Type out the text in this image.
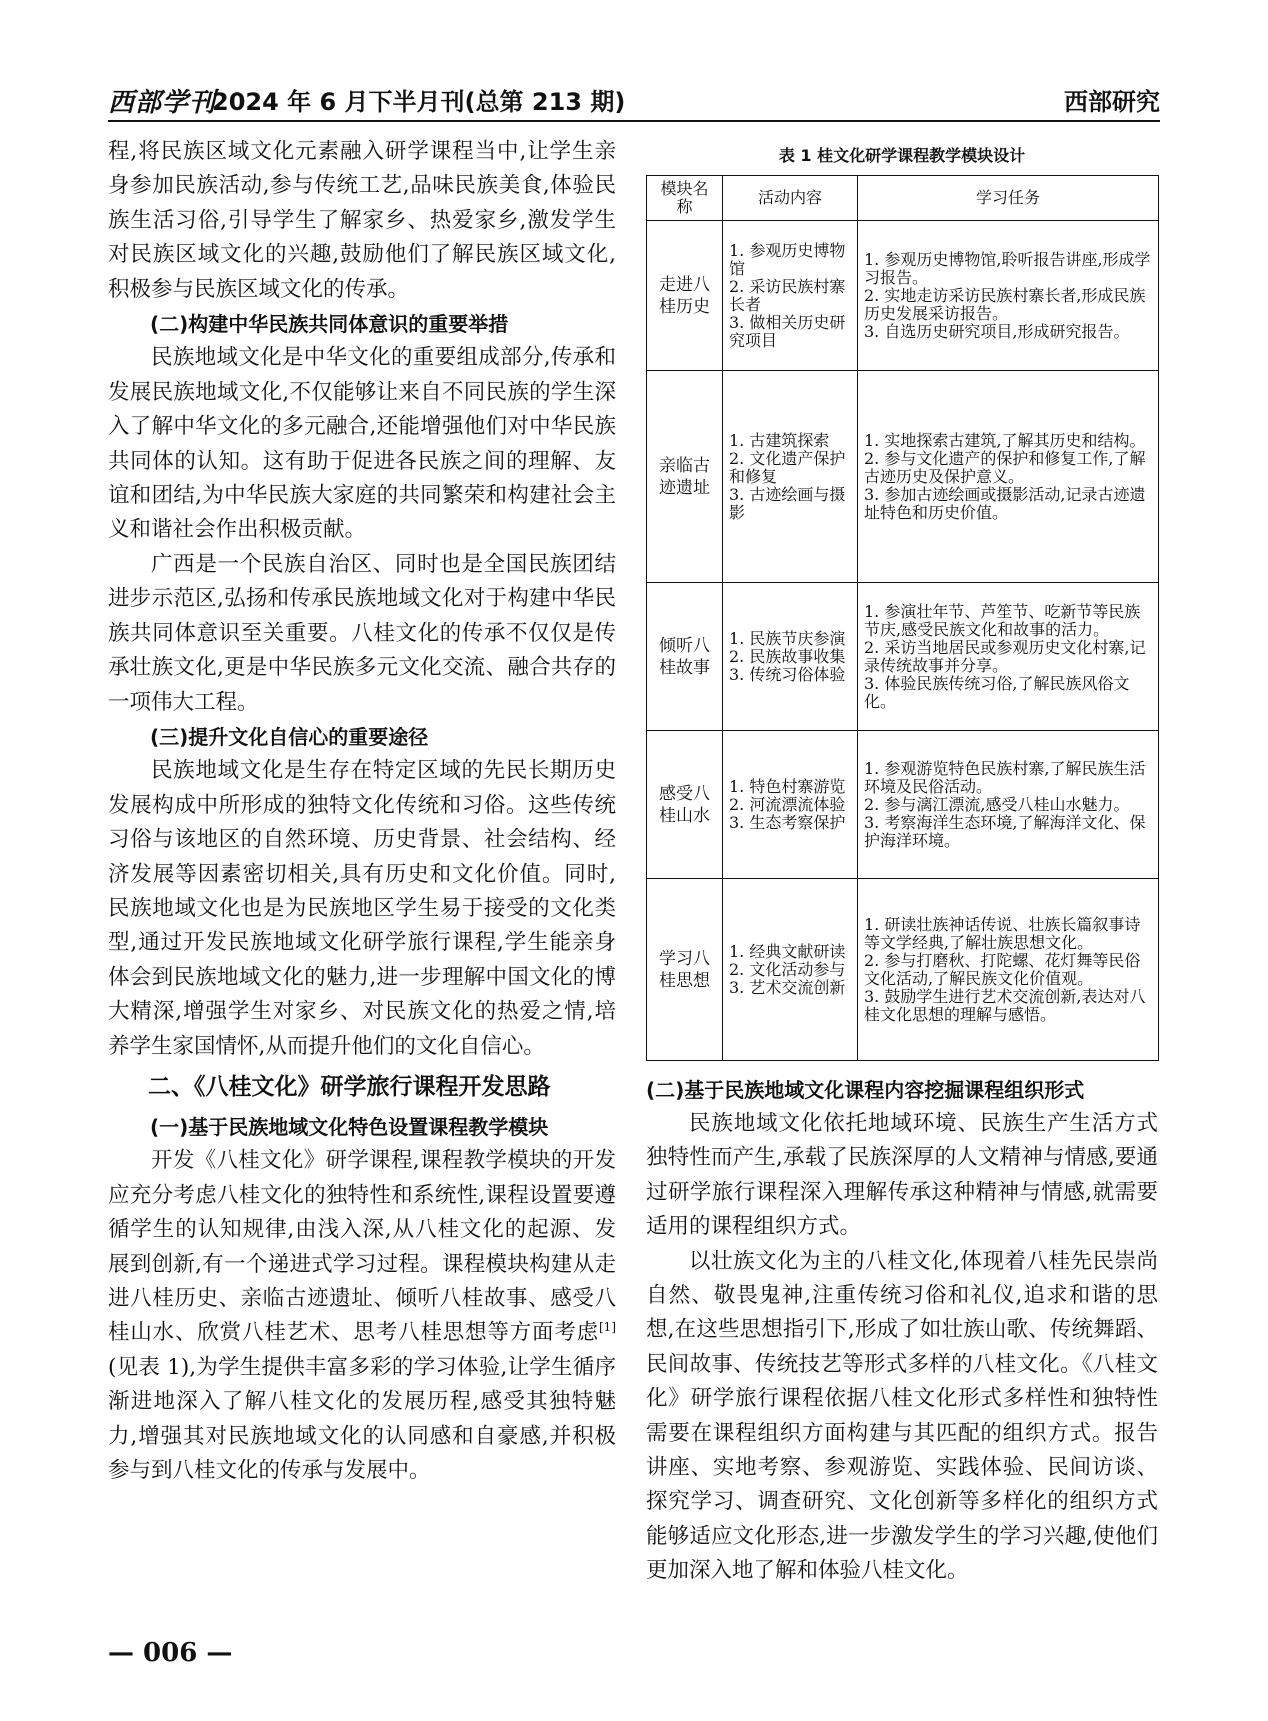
西部学刊
2024 年 6 月下半月刊(总第 213 期)	西部研究

程,将民族区域文化元素融入研学课程当中,让学生亲身参加民族活动,参与传统工艺,品味民族美食,体验民族生活习俗,引导学生了解家乡、热爱家乡,激发学生对民族区域文化的兴趣,鼓励他们了解民族区域文化,积极参与民族区域文化的传承。

(二)构建中华民族共同体意识的重要举措

民族地域文化是中华文化的重要组成部分,传承和发展民族地域文化,不仅能够让来自不同民族的学生深入了解中华文化的多元融合,还能增强他们对中华民族共同体的认知。这有助于促进各民族之间的理解、友谊和团结,为中华民族大家庭的共同繁荣和构建社会主义和谐社会作出积极贡献。

广西是一个民族自治区、同时也是全国民族团结进步示范区,弘扬和传承民族地域文化对于构建中华民族共同体意识至关重要。八桂文化的传承不仅仅是传承壮族文化,更是中华民族多元文化交流、融合共存的一项伟大工程。

(三)提升文化自信心的重要途径

民族地域文化是生存在特定区域的先民长期历史发展构成中所形成的独特文化传统和习俗。这些传统习俗与该地区的自然环境、历史背景、社会结构、经济发展等因素密切相关,具有历史和文化价值。同时,民族地域文化也是为民族地区学生易于接受的文化类型,通过开发民族地域文化研学旅行课程,学生能亲身体会到民族地域文化的魅力,进一步理解中国文化的博大精深,增强学生对家乡、对民族文化的热爱之情,培养学生家国情怀,从而提升他们的文化自信心。

二、《八桂文化》研学旅行课程开发思路

(一)基于民族地域文化特色设置课程教学模块

开发《八桂文化》研学课程,课程教学模块的开发应充分考虑八桂文化的独特性和系统性,课程设置要遵循学生的认知规律,由浅入深,从八桂文化的起源、发展到创新,有一个递进式学习过程。课程模块构建从走进八桂历史、亲临古迹遗址、倾听八桂故事、感受八桂山水、欣赏八桂艺术、思考八桂思想等方面考虑[1](见表 1),为学生提供丰富多彩的学习体验,让学生循序渐进地深入了解八桂文化的发展历程,感受其独特魅力,增强其对民族地域文化的认同感和自豪感,并积极参与到八桂文化的传承与发展中。

表 1 桂文化研学课程教学模块设计
模块名称	活动内容	学习任务
走进八桂历史	1. 参观历史博物馆
2. 采访民族村寨长者
3. 做相关历史研究项目	1. 参观历史博物馆,聆听报告讲座,形成学习报告。
2. 实地走访采访民族村寨长者,形成民族历史发展采访报告。
3. 自选历史研究项目,形成研究报告。

亲临古迹遗址	1. 古建筑探索
2. 文化遗产保护和修复
3. 古迹绘画与摄影	1. 实地探索古建筑,了解其历史和结构。
2. 参与文化遗产的保护和修复工作,了解古迹历史及保护意义。
3. 参加古迹绘画或摄影活动,记录古迹遗址特色和历史价值。

倾听八桂故事	1. 民族节庆参演
2. 民族故事收集
3. 传统习俗体验	1. 参演壮年节、芦笙节、吃新节等民族节庆,感受民族文化和故事的活力。
2. 采访当地居民或参观历史文化村寨,记录传统故事并分享。
3. 体验民族传统习俗,了解民族风俗文化。

感受八桂山水	1. 特色村寨游览
2. 河流漂流体验
3. 生态考察保护	1. 参观游览特色民族村寨,了解民族生活环境及民俗活动。
2. 参与漓江漂流,感受八桂山水魅力。
3. 考察海洋生态环境,了解海洋文化、保护海洋环境。

学习八桂思想	1. 经典文献研读
2. 文化活动参与
3. 艺术交流创新	1. 研读壮族神话传说、壮族长篇叙事诗等文学经典,了解壮族思想文化。
2. 参与打磨秋、打陀螺、花灯舞等民俗文化活动,了解民族文化价值观。
3. 鼓励学生进行艺术交流创新,表达对八桂文化思想的理解与感悟。

(二)基于民族地域文化课程内容挖掘课程组织形式

民族地域文化依托地域环境、民族生产生活方式独特性而产生,承载了民族深厚的人文精神与情感,要通过研学旅行课程深入理解传承这种精神与情感,就需要适用的课程组织方式。

以壮族文化为主的八桂文化,体现着八桂先民崇尚自然、敬畏鬼神,注重传统习俗和礼仪,追求和谐的思想,在这些思想指引下,形成了如壮族山歌、传统舞蹈、民间故事、传统技艺等形式多样的八桂文化。《八桂文化》研学旅行课程依据八桂文化形式多样性和独特性需要在课程组织方面构建与其匹配的组织方式。报告讲座、实地考察、参观游览、实践体验、民间访谈、探究学习、调查研究、文化创新等多样化的组织方式能够适应文化形态,进一步激发学生的学习兴趣,使他们更加深入地了解和体验八桂文化。

— 006 —
